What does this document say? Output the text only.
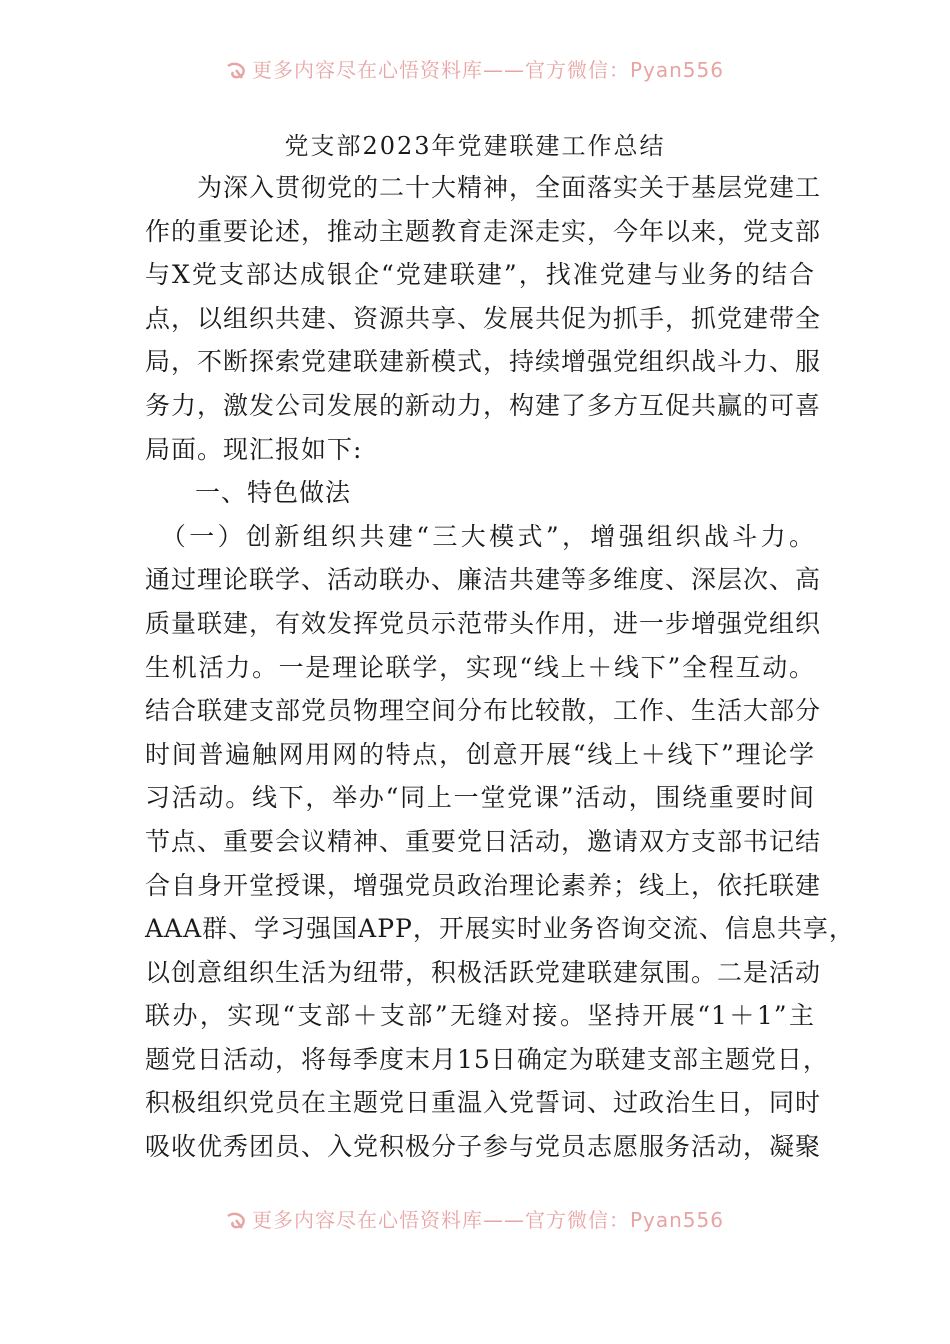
更多内容尽在心悟资料库——官方微信：Pyan556
党支部2023年党建联建工作总结
　　为深入贯彻党的二十大精神，全面落实关于基层党建工
作的重要论述，推动主题教育走深走实，今年以来，党支部
与X党支部达成银企“党建联建”，找准党建与业务的结合
点，以组织共建、资源共享、发展共促为抓手，抓党建带全
局，不断探索党建联建新模式，持续增强党组织战斗力、服
务力，激发公司发展的新动力，构建了多方互促共赢的可喜
局面。现汇报如下:
一、特色做法
　（一）创新组织共建“三大模式”，增强组织战斗力。
通过理论联学、活动联办、廉洁共建等多维度、深层次、高
质量联建，有效发挥党员示范带头作用，进一步增强党组织
生机活力。一是理论联学，实现“线上＋线下”全程互动。
结合联建支部党员物理空间分布比较散，工作、生活大部分
时间普遍触网用网的特点，创意开展“线上＋线下”理论学
习活动。线下，举办“同上一堂党课”活动，围绕重要时间
节点、重要会议精神、重要党日活动，邀请双方支部书记结
合自身开堂授课，增强党员政治理论素养；线上，依托联建
AAA群、学习强国APP，开展实时业务咨询交流、信息共享，
以创意组织生活为纽带，积极活跃党建联建氛围。二是活动
联办，实现“支部＋支部”无缝对接。坚持开展“1＋1”主
题党日活动，将每季度末月15日确定为联建支部主题党日，
积极组织党员在主题党日重温入党誓词、过政治生日，同时
吸收优秀团员、入党积极分子参与党员志愿服务活动，凝聚
更多内容尽在心悟资料库——官方微信：Pyan556
